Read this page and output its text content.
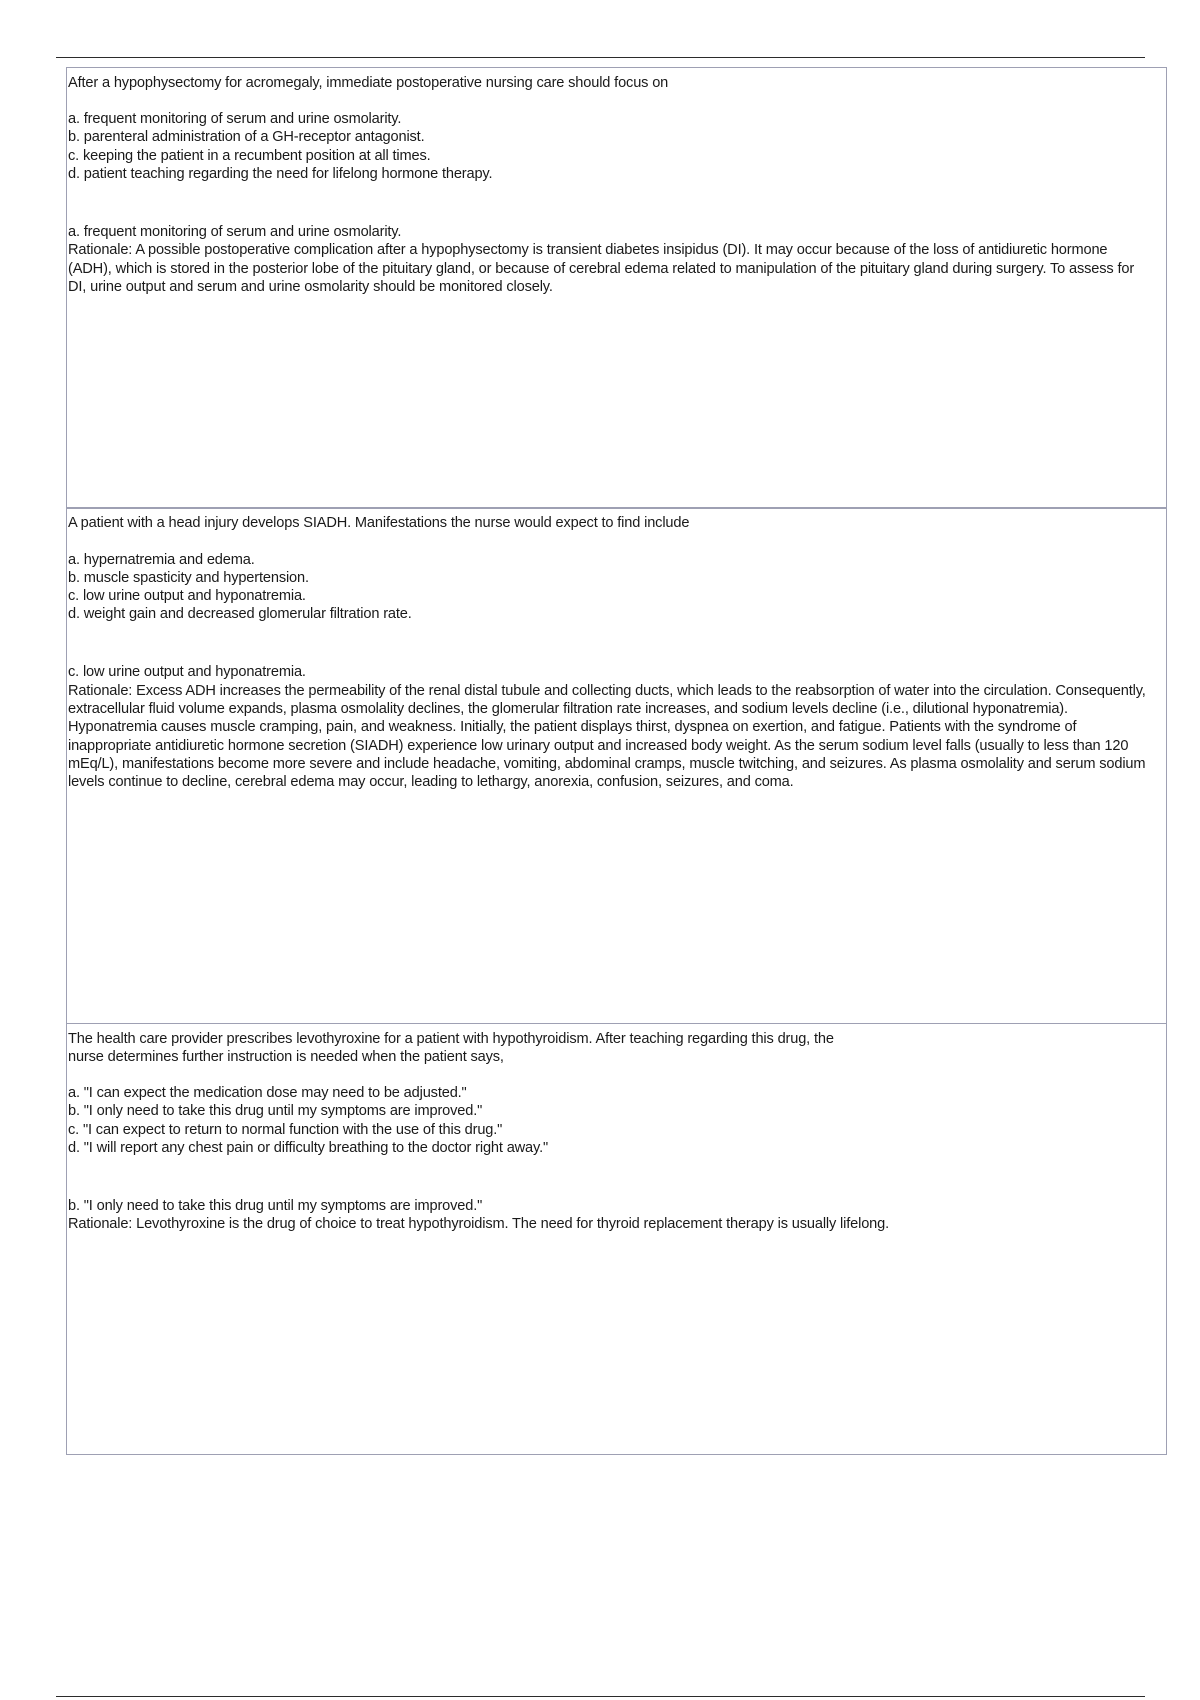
After a hypophysectomy for acromegaly, immediate postoperative nursing care should focus on

a. frequent monitoring of serum and urine osmolarity.

b. parenteral administration of a GH-receptor antagonist.

c. keeping the patient in a recumbent position at all times.

d. patient teaching regarding the need for lifelong hormone therapy.

a. frequent monitoring of serum and urine osmolarity.

Rationale: A possible postoperative complication after a hypophysectomy is transient diabetes insipidus (DI). It may occur because of the loss of antidiuretic hormone (ADH), which is stored in the posterior lobe of the pituitary gland, or because of cerebral edema related to manipulation of the pituitary gland during surgery. To assess for DI, urine output and serum and urine osmolarity should be monitored closely.

A patient with a head injury develops SIADH. Manifestations the nurse would expect to find include

a. hypernatremia and edema.

b. muscle spasticity and hypertension.

c. low urine output and hyponatremia.

d. weight gain and decreased glomerular filtration rate.

c. low urine output and hyponatremia.

Rationale: Excess ADH increases the permeability of the renal distal tubule and collecting ducts, which leads to the reabsorption of water into the circulation. Consequently, extracellular fluid volume expands, plasma osmolality declines, the glomerular filtration rate increases, and sodium levels decline (i.e., dilutional hyponatremia). Hyponatremia causes muscle cramping, pain, and weakness. Initially, the patient displays thirst, dyspnea on exertion, and fatigue. Patients with the syndrome of inappropriate antidiuretic hormone secretion (SIADH) experience low urinary output and increased body weight. As the serum sodium level falls (usually to less than 120 mEq/L), manifestations become more severe and include headache, vomiting, abdominal cramps, muscle twitching, and seizures. As plasma osmolality and serum sodium levels continue to decline, cerebral edema may occur, leading to lethargy, anorexia, confusion, seizures, and coma.

The health care provider prescribes levothyroxine for a patient with hypothyroidism. After teaching regarding this drug, the

nurse determines further instruction is needed when the patient says,

a. "I can expect the medication dose may need to be adjusted."

b. "I only need to take this drug until my symptoms are improved."

c. "I can expect to return to normal function with the use of this drug."

d. "I will report any chest pain or difficulty breathing to the doctor right away."

b. "I only need to take this drug until my symptoms are improved."

Rationale: Levothyroxine is the drug of choice to treat hypothyroidism. The need for thyroid replacement therapy is usually lifelong.
